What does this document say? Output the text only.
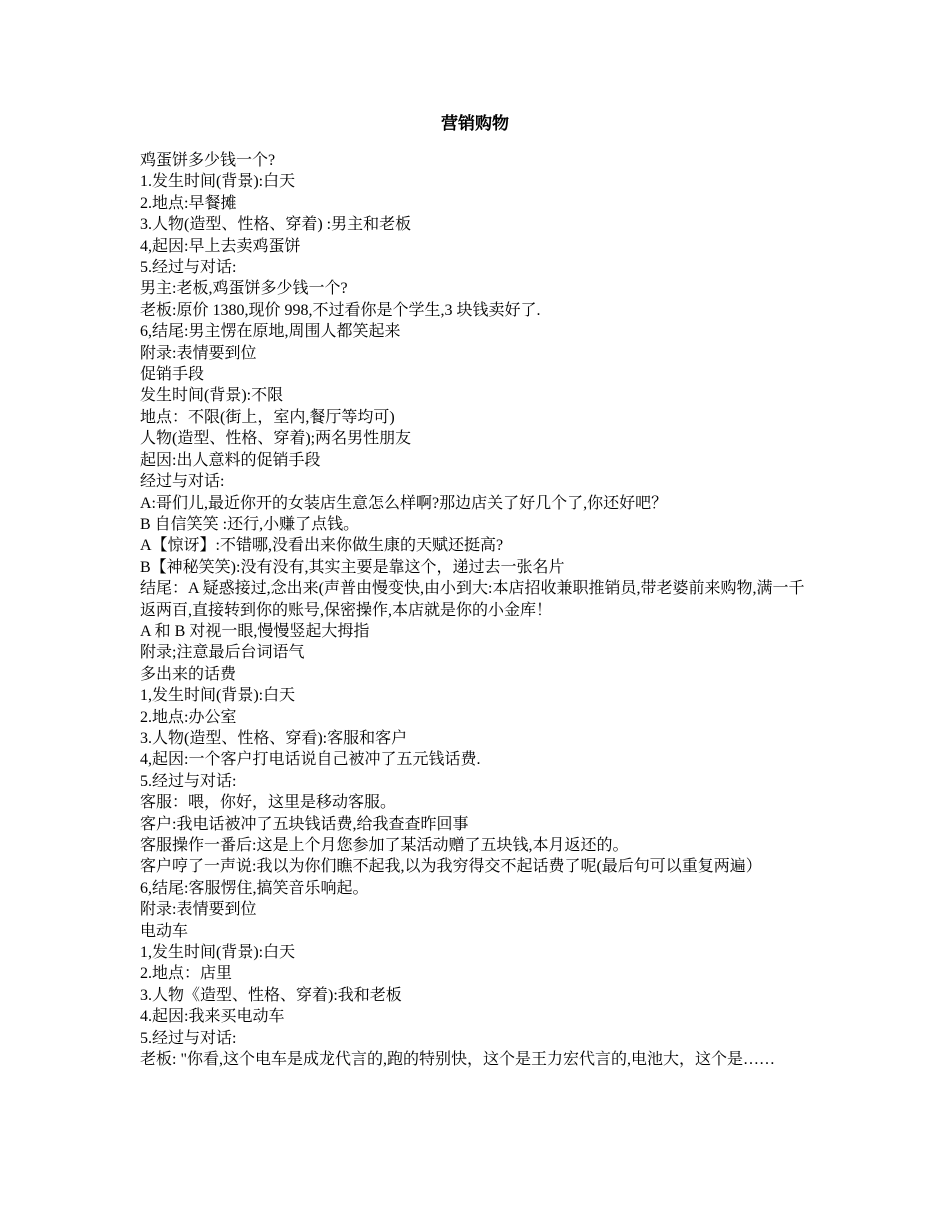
营销购物

鸡蛋饼多少钱一个?

1.发生时间(背景):白天

2.地点:早餐摊

3.人物(造型、性格、穿着) :男主和老板

4,起因:早上去卖鸡蛋饼

5.经过与对话:

男主:老板,鸡蛋饼多少钱一个?

老板:原价 1380,现价 998,不过看你是个学生,3 块钱卖好了.

6,结尾:男主愣在原地,周围人都笑起来

附录:表情要到位

促销手段

发生时间(背景):不限

地点：不限(街上，室内,餐厅等均可)

人物(造型、性格、穿着);两名男性朋友

起因:出人意料的促销手段

经过与对话:

A:哥们儿,最近你开的女装店生意怎么样啊?那边店关了好几个了,你还好吧？

B 自信笑笑 :还行,小赚了点钱。

A【惊讶】:不错哪,没看出来你做生康的天赋还挺高?

B【神秘笑笑):没有没有,其实主要是靠这个，递过去一张名片

结尾：A 疑惑接过,念出来(声普由慢变快,由小到大:本店招收兼职推销员,带老婆前来购物,满一千返两百,直接转到你的账号,保密操作,本店就是你的小金库！

A 和 B 对视一眼,慢慢竖起大拇指

附录;注意最后台词语气

多出来的话费

1,发生时间(背景):白天

2.地点:办公室

3.人物(造型、性格、穿看):客服和客户

4,起因:一个客户打电话说自己被冲了五元钱话费.

5.经过与对话:

客服：喂，你好，这里是移动客服。

客户:我电话被冲了五块钱话费,给我查查昨回事

客服操作一番后:这是上个月您参加了某活动赠了五块钱,本月返还的。

客户哼了一声说:我以为你们瞧不起我,以为我穷得交不起话费了呢(最后句可以重复两遍）

6,结尾:客服愣住,搞笑音乐响起。

附录:表情要到位

电动车

1,发生时间(背景):白天

2.地点：店里

3.人物《造型、性格、穿着):我和老板

4.起因:我来买电动车

5.经过与对话:

老板: "你看,这个电车是成龙代言的,跑的特别快，这个是王力宏代言的,电池大，这个是……
